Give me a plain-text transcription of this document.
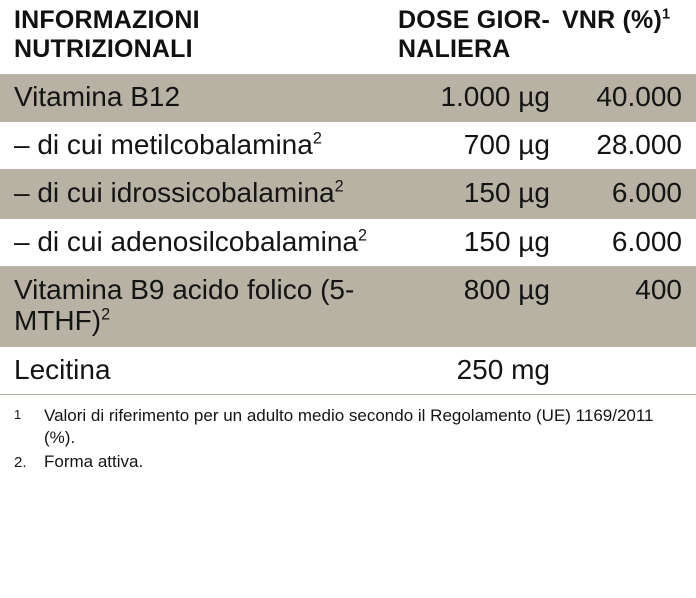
INFORMAZIONI NUTRIZIONALI	DOSE GIOR- NALIERA	VNR (%)$^1$
Vitamina B12	1.000 µg	40.000
– di cui metilcobalamina$^2$	700 µg	28.000
– di cui idrossicobalamina$^2$	150 µg	6.000
– di cui adenosilcobalamina$^2$	150 µg	6.000
Vitamina B9 acido folico (5-MTHF)$^2$	800 µg	400
Lecitina	250 mg	
1	Valori di riferimento per un adulto medio secondo il Regolamento (UE) 1169/2011 (%).
2.	Forma attiva.
